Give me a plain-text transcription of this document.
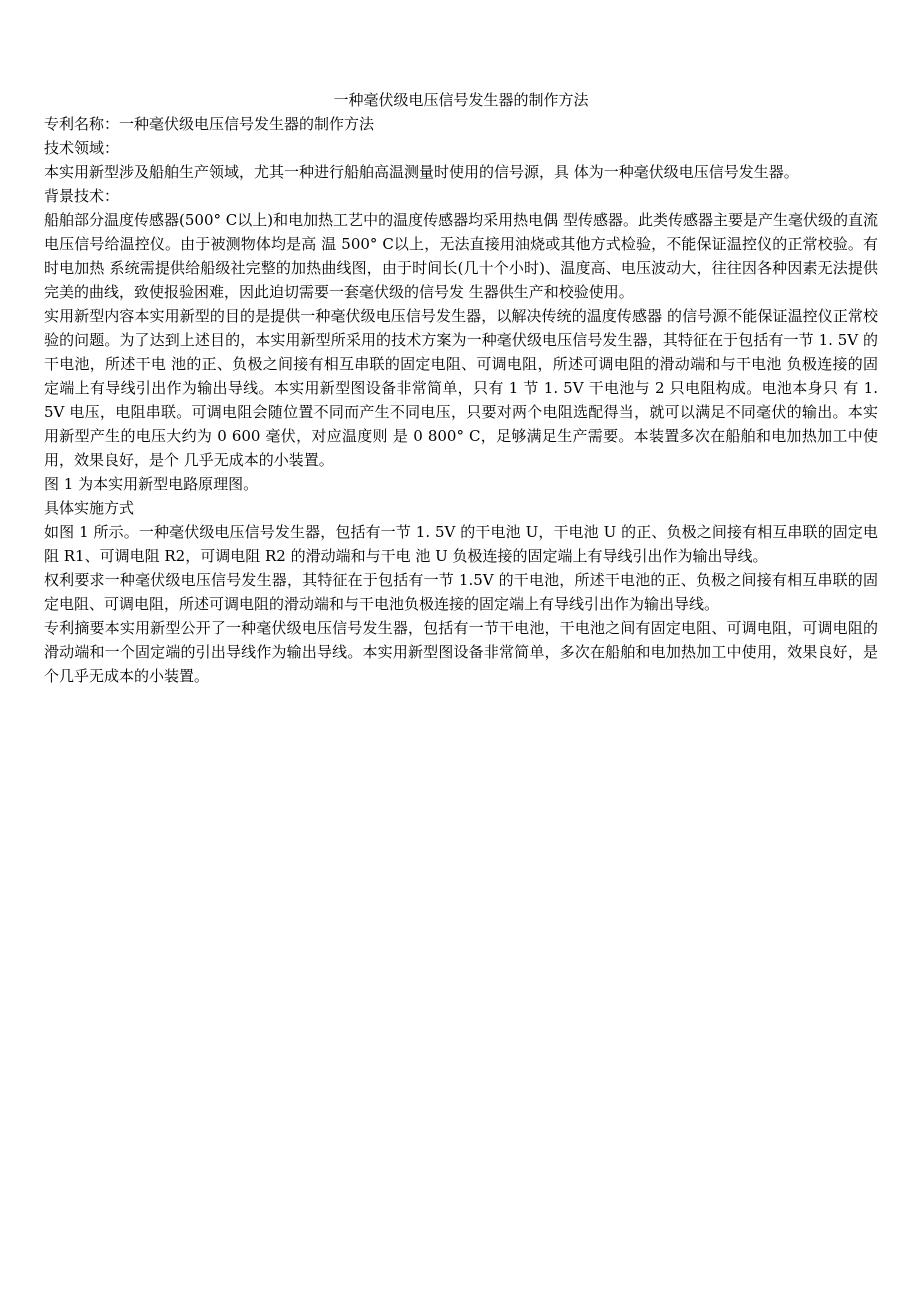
一种毫伏级电压信号发生器的制作方法

专利名称：一种毫伏级电压信号发生器的制作方法

技术领域：

本实用新型涉及船舶生产领域，尤其一种进行船舶高温测量时使用的信号源，具 体为一种毫伏级电压信号发生器。

背景技术：

船舶部分温度传感器(500° C以上)和电加热工艺中的温度传感器均采用热电偶 型传感器。此类传感器主要是产生毫伏级的直流电压信号给温控仪。由于被测物体均是高 温 500° C以上，无法直接用油烧或其他方式检验，不能保证温控仪的正常校验。有时电加热 系统需提供给船级社完整的加热曲线图，由于时间长(几十个小时)、温度高、电压波动大，往往因各种因素无法提供完美的曲线，致使报验困难，因此迫切需要一套毫伏级的信号发 生器供生产和校验使用。

实用新型内容本实用新型的目的是提供一种毫伏级电压信号发生器，以解决传统的温度传感器 的信号源不能保证温控仪正常校验的问题。为了达到上述目的，本实用新型所采用的技术方案为一种毫伏级电压信号发生器，其特征在于包括有一节 1. 5V 的干电池，所述干电 池的正、负极之间接有相互串联的固定电阻、可调电阻，所述可调电阻的滑动端和与干电池 负极连接的固定端上有导线引出作为输出导线。本实用新型图设备非常简单，只有 1 节 1. 5V 干电池与 2 只电阻构成。电池本身只 有 1. 5V 电压，电阻串联。可调电阻会随位置不同而产生不同电压，只要对两个电阻选配得当，就可以满足不同毫伏的输出。本实用新型产生的电压大约为 0 600 毫伏，对应温度则 是 0 800° C，足够满足生产需要。本装置多次在船舶和电加热加工中使用，效果良好，是个 几乎无成本的小装置。

图 1 为本实用新型电路原理图。

具体实施方式

如图 1 所示。一种毫伏级电压信号发生器，包括有一节 1. 5V 的干电池 U，干电池 U 的正、负极之间接有相互串联的固定电阻 R1、可调电阻 R2，可调电阻 R2 的滑动端和与干电 池 U 负极连接的固定端上有导线引出作为输出导线。

权利要求一种毫伏级电压信号发生器，其特征在于包括有一节 1.5V 的干电池，所述干电池的正、负极之间接有相互串联的固定电阻、可调电阻，所述可调电阻的滑动端和与干电池负极连接的固定端上有导线引出作为输出导线。

专利摘要本实用新型公开了一种毫伏级电压信号发生器，包括有一节干电池，干电池之间有固定电阻、可调电阻，可调电阻的滑动端和一个固定端的引出导线作为输出导线。本实用新型图设备非常简单，多次在船舶和电加热加工中使用，效果良好，是个几乎无成本的小装置。
